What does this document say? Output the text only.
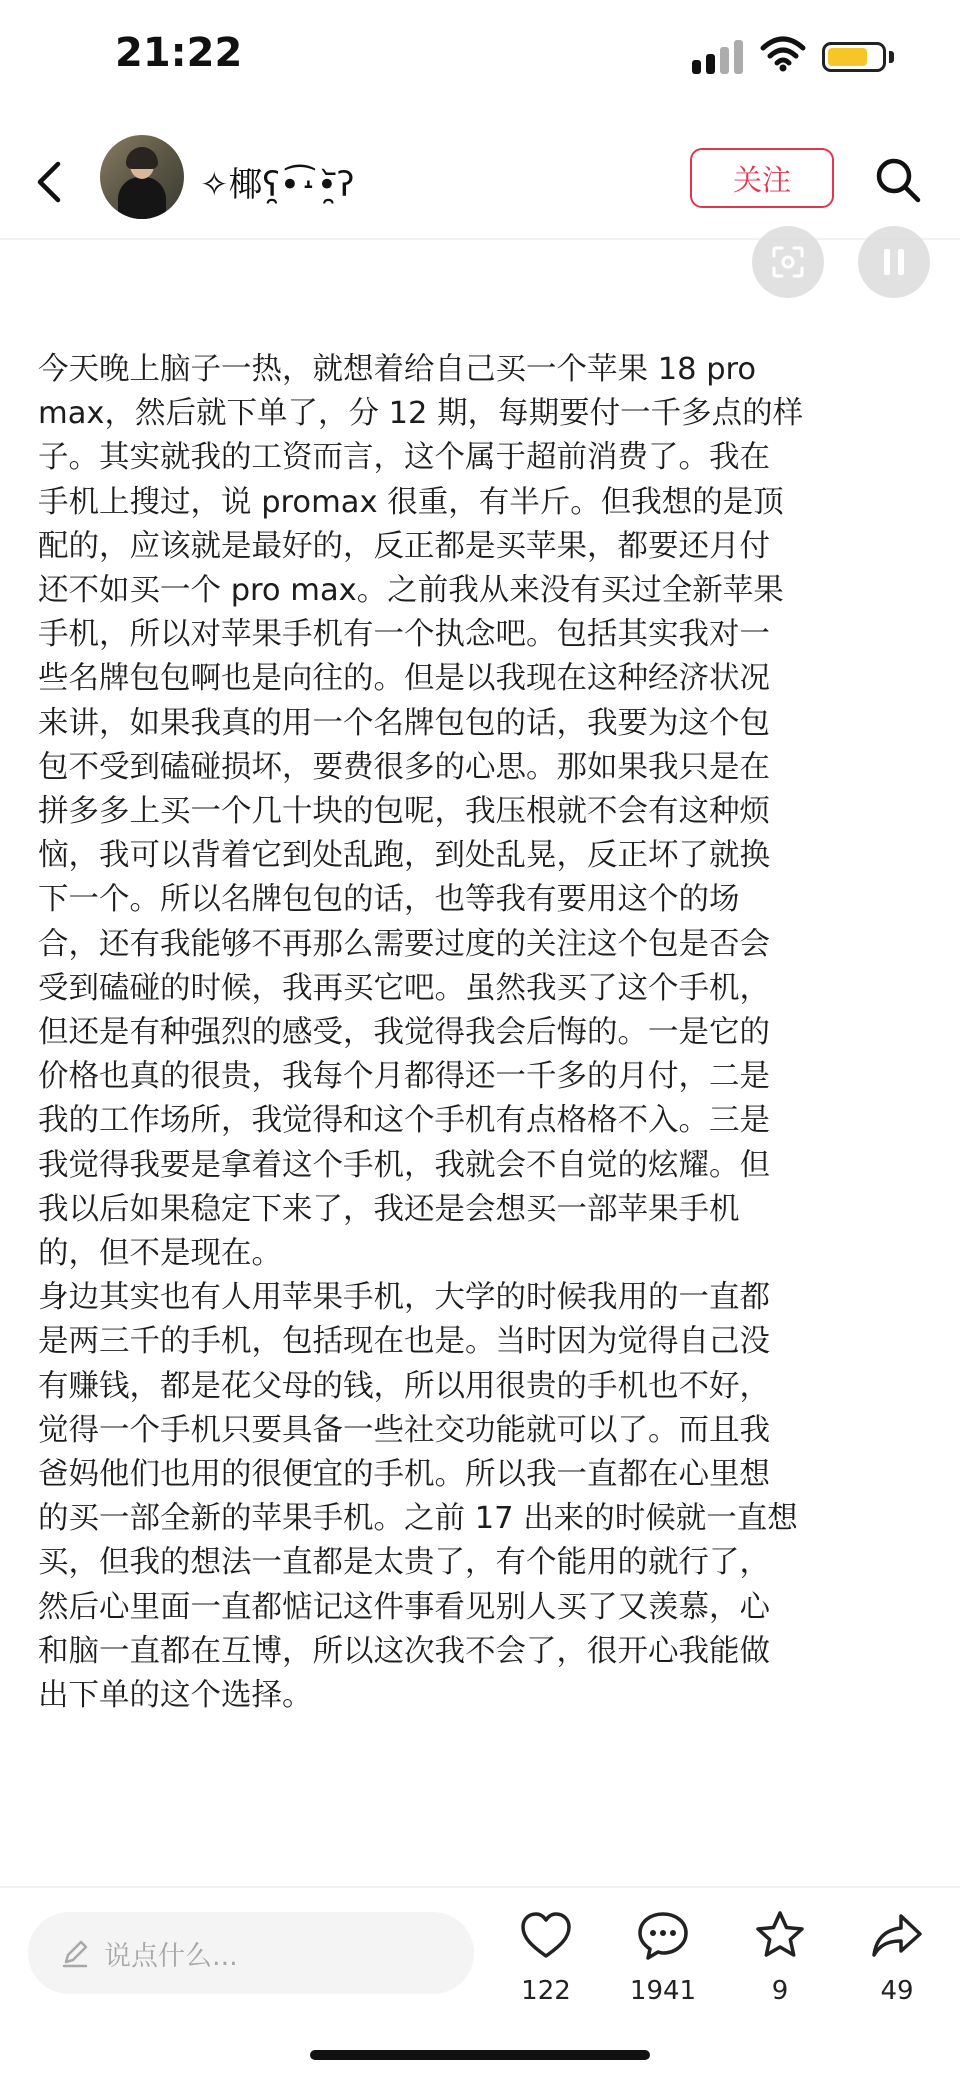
21:22
✧椰ʕ̯•͡˔•̯᷅ʔ	关注

今天晚上脑子一热，就想着给自己买一个苹果 18 pro
max，然后就下单了，分 12 期，每期要付一千多点的样
子。其实就我的工资而言，这个属于超前消费了。我在
手机上搜过，说 promax 很重，有半斤。但我想的是顶
配的，应该就是最好的，反正都是买苹果，都要还月付
还不如买一个 pro max。之前我从来没有买过全新苹果
手机，所以对苹果手机有一个执念吧。包括其实我对一
些名牌包包啊也是向往的。但是以我现在这种经济状况
来讲，如果我真的用一个名牌包包的话，我要为这个包
包不受到磕碰损坏，要费很多的心思。那如果我只是在
拼多多上买一个几十块的包呢，我压根就不会有这种烦
恼，我可以背着它到处乱跑，到处乱晃，反正坏了就换
下一个。所以名牌包包的话，也等我有要用这个的场
合，还有我能够不再那么需要过度的关注这个包是否会
受到磕碰的时候，我再买它吧。虽然我买了这个手机，
但还是有种强烈的感受，我觉得我会后悔的。一是它的
价格也真的很贵，我每个月都得还一千多的月付，二是
我的工作场所，我觉得和这个手机有点格格不入。三是
我觉得我要是拿着这个手机，我就会不自觉的炫耀。但
我以后如果稳定下来了，我还是会想买一部苹果手机
的，但不是现在。

身边其实也有人用苹果手机，大学的时候我用的一直都
是两三千的手机，包括现在也是。当时因为觉得自己没
有赚钱，都是花父母的钱，所以用很贵的手机也不好，
觉得一个手机只要具备一些社交功能就可以了。而且我
爸妈他们也用的很便宜的手机。所以我一直都在心里想
的买一部全新的苹果手机。之前 17 出来的时候就一直想
买，但我的想法一直都是太贵了，有个能用的就行了，
然后心里面一直都惦记这件事看见别人买了又羡慕，心
和脑一直都在互博，所以这次我不会了，很开心我能做
出下单的这个选择。

说点什么...
122	1941	9	49
